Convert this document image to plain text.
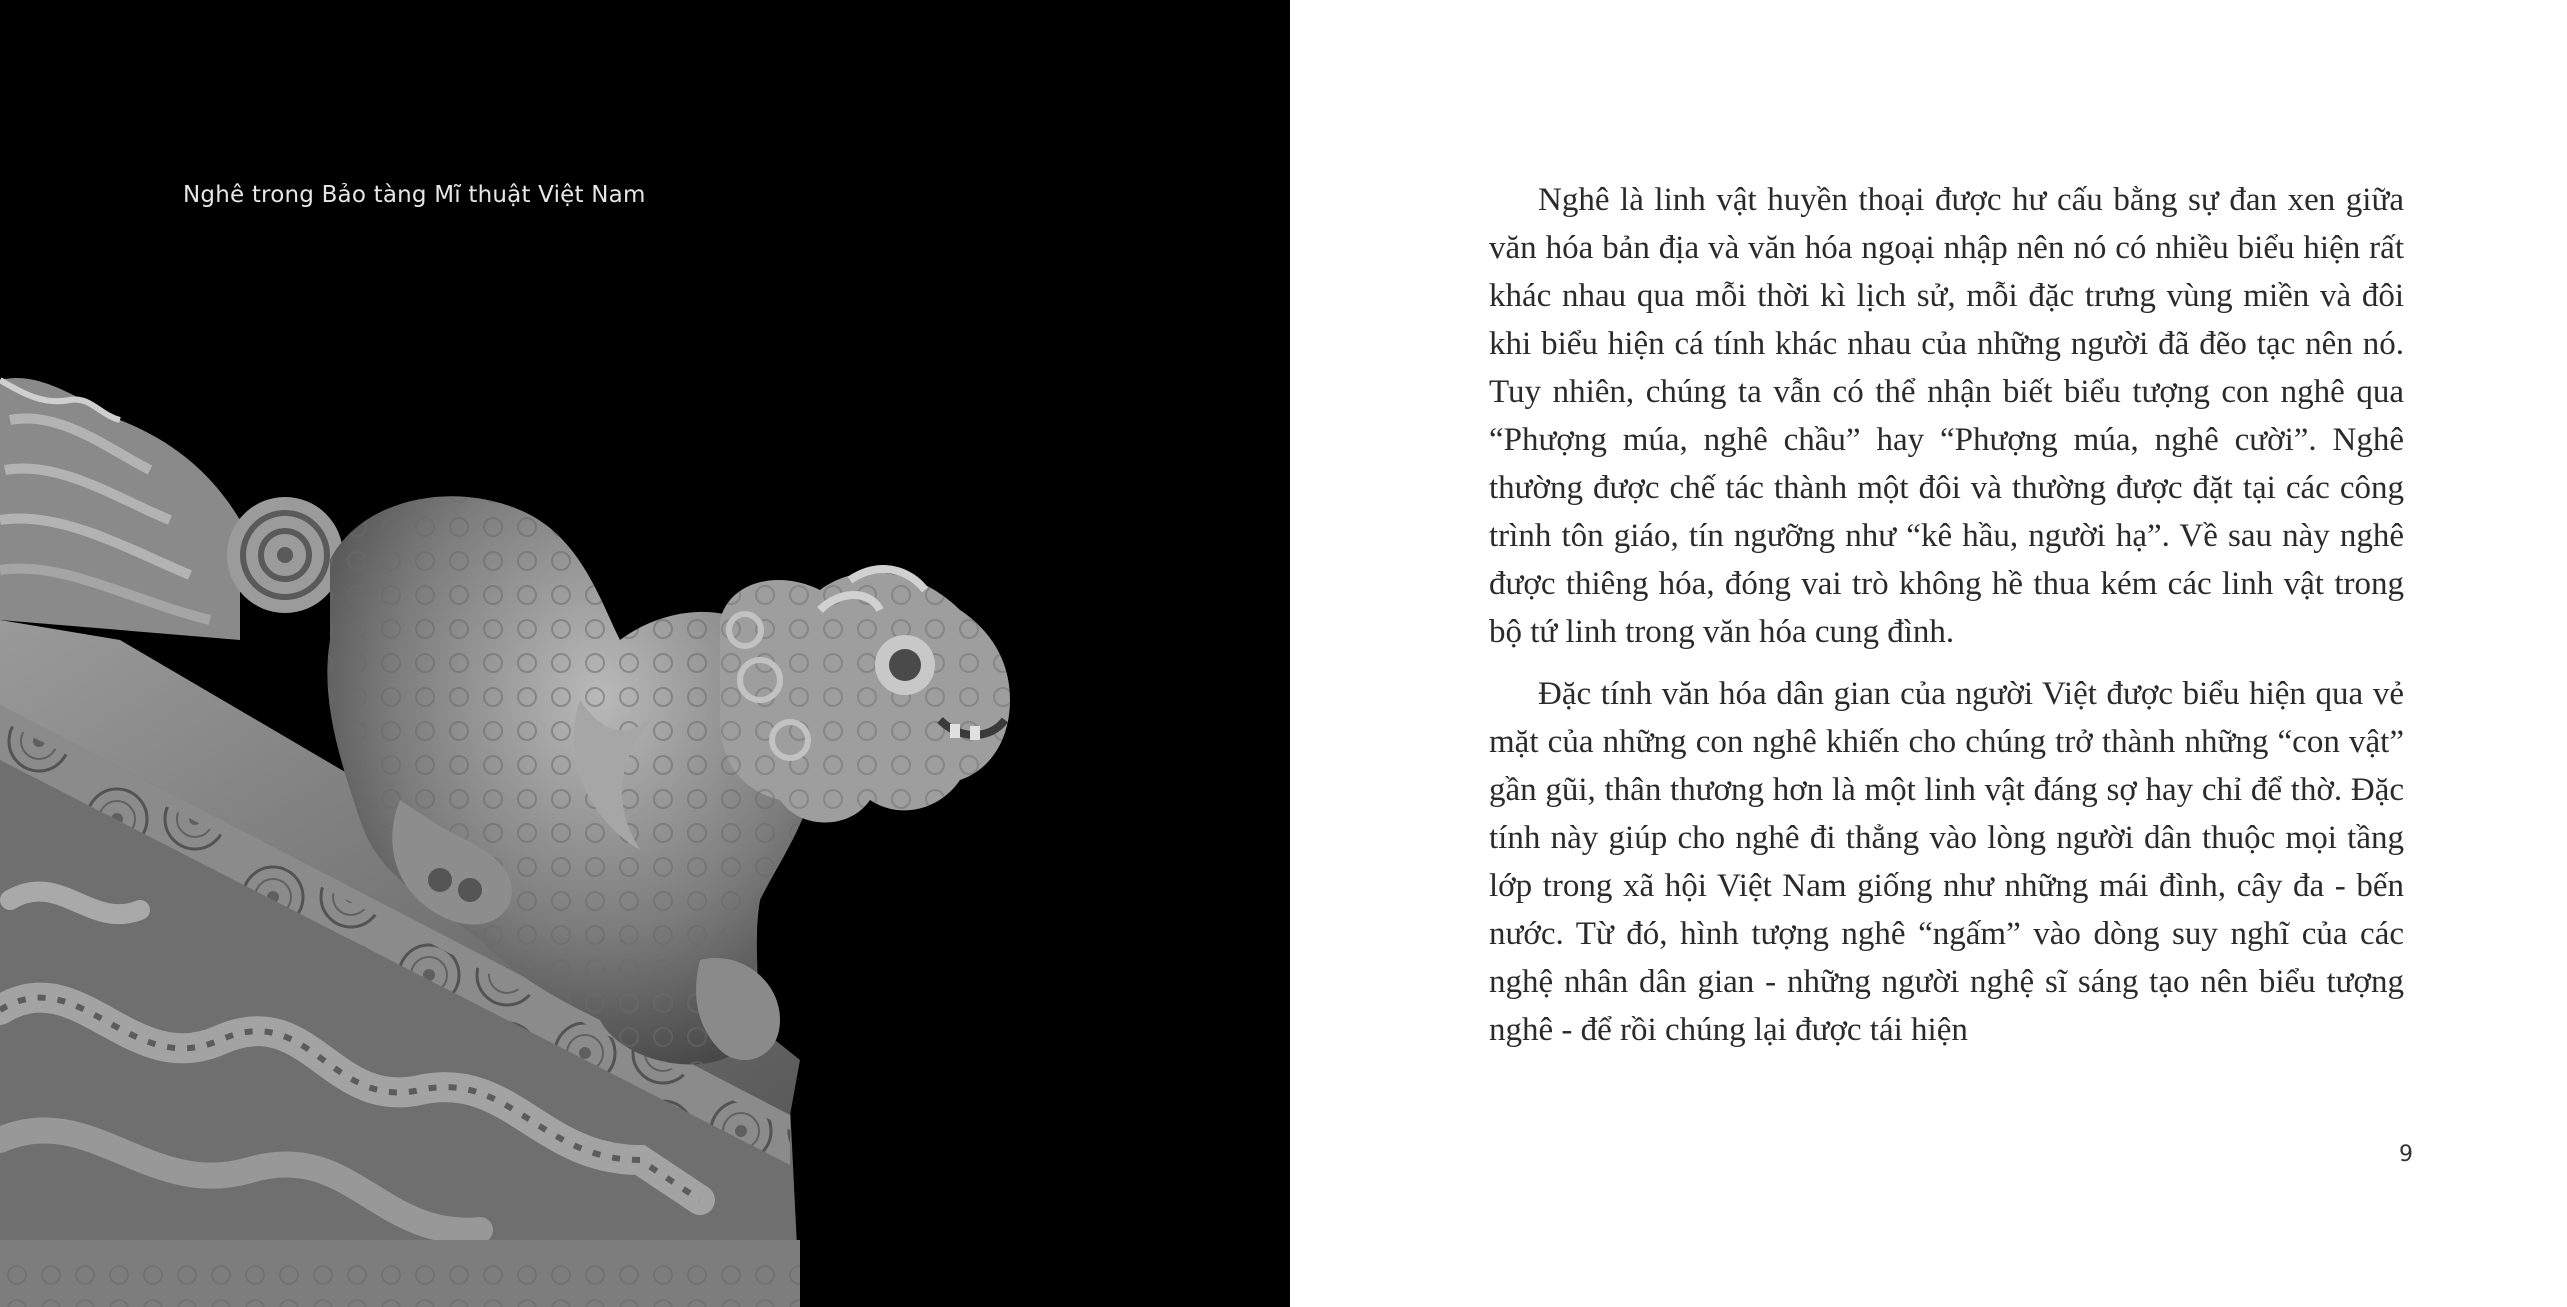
Nghê trong Bảo tàng Mĩ thuật Việt Nam	Nghê là linh vật huyền thoại được hư cấu bằng sự đan xen giữa văn hóa bản địa và văn hóa ngoại nhập nên nó có nhiều biểu hiện rất khác nhau qua mỗi thời kì lịch sử, mỗi đặc trưng vùng miền và đôi khi biểu hiện cá tính khác nhau của những người đã đẽo tạc nên nó. Tuy nhiên, chúng ta vẫn có thể nhận biết biểu tượng con nghê qua “Phượng múa, nghê chầu” hay “Phượng múa, nghê cười”. Nghê thường được chế tác thành một đôi và thường được đặt tại các công trình tôn giáo, tín ngưỡng như “kê hầu, người hạ”. Về sau này nghê được thiêng hóa, đóng vai trò không hề thua kém các linh vật trong bộ tứ linh trong văn hóa cung đình.

Đặc tính văn hóa dân gian của người Việt được biểu hiện qua vẻ mặt của những con nghê khiến cho chúng trở thành những “con vật” gần gũi, thân thương hơn là một linh vật đáng sợ hay chỉ để thờ. Đặc tính này giúp cho nghê đi thẳng vào lòng người dân thuộc mọi tầng lớp trong xã hội Việt Nam giống như những mái đình, cây đa - bến nước. Từ đó, hình tượng nghê “ngấm” vào dòng suy nghĩ của các nghệ nhân dân gian - những người nghệ sĩ sáng tạo nên biểu tượng nghê - để rồi chúng lại được tái hiện

9
